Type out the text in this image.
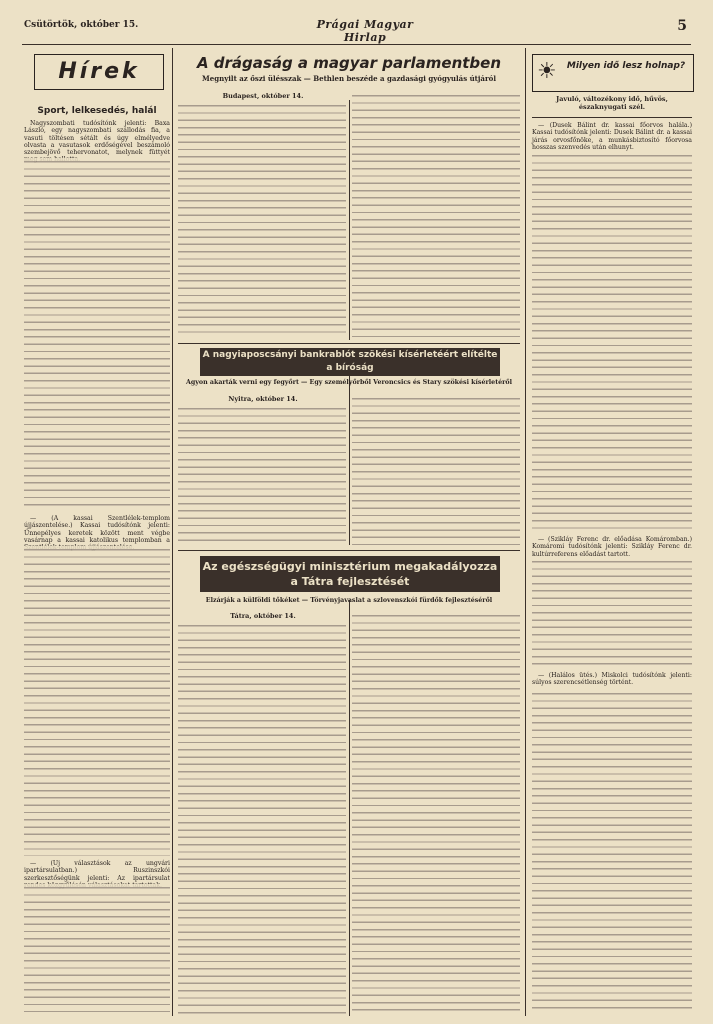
Csütörtök, október 15.	Prágai Magyar Hirlap
5
Hírek
Sport, lelkesedés, halál

Nagyszombati tudósítónk jelenti: Baxa László, egy nagyszombati szállodás fia, a vasuti töltésen sétált és úgy elmélyedve olvasta a vasutasok erdőségével beszámoló szembejövő tehervonatot, melynek füttyét

— (A kassai Szentlélek-templom újjászentelése.) Kassai tudósítónk jelenti: Ünnepélyes keretek között ment végbe vasárnap a kassai katolikus templomban a

— (Uj választások az ungvári ipartársulatban.) Ruszinszkói szerkesztőségünk jelenti: Az ipartársulat

A drágaság a magyar parlamentben
Megnyilt az őszi ülésszak — Bethlen beszéde a gazdasági gyógyulás útjáról
Budapest, október 14.
A nagyiaposcsányi bankrablót szökési kísérletéért elítélte a bíróság
Agyon akarták verni egy fegyőrt — Egy személyőrből Veroncsics és Stary szökési kísérletéről
Nyitra, október 14.
Az egészségügyi minisztérium megakadályozza a Tátra fejlesztését
Elzárják a külföldi tőkéket — Törvényjavaslat a szlovenszkói fürdők fejlesztéséről
Tátra, október 14.
☀	Milyen idő lesz holnap?
Javuló, változékony idő, hűvös, északnyugati szél.

— (Dusek Bálint dr. kassai főorvos halála.) Kassai tudósítónk jelenti: Dusek Bálint dr. a kassai járás orvosfőnöke, a munkásbiztosító főorvosa hosszas szenvedés után elhunyt.

— (Szikláy Ferenc dr. előadása Komáromban.) Komáromi tudósítónk jelenti: Szikláy Ferenc dr. kultúrreferens előadást tartott.

— (Halálos ütés.) Miskolci tudósítónk jelenti: súlyos szerencsétlenség történt.
